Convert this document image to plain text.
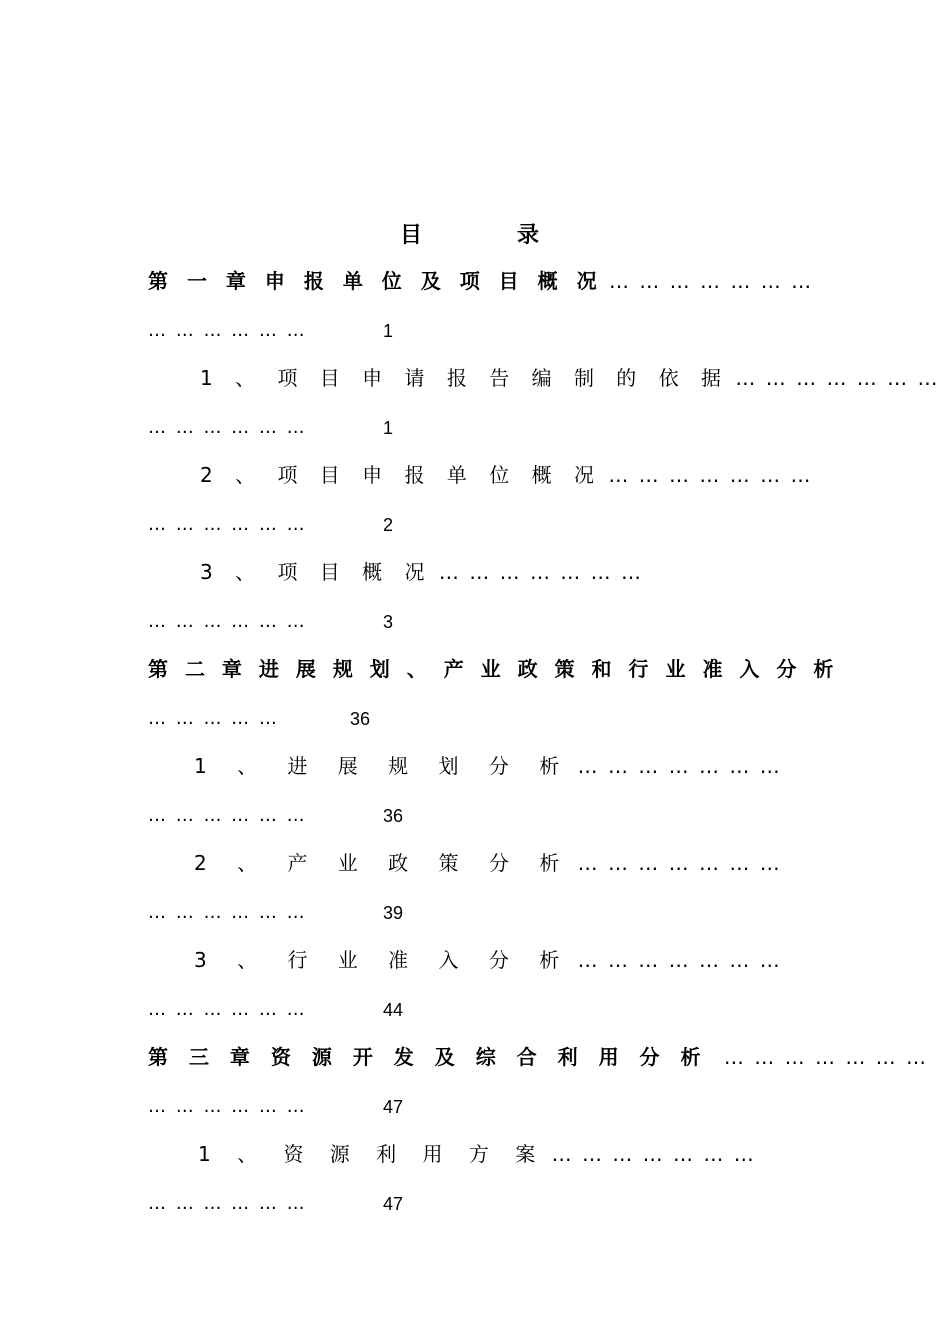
目	录
第 一 章 申 报 单 位 及 项 目 概 况 … … … … … … …
… … … … … …	1
1 、 项 目 申 请 报 告 编 制 的 依 据 … … … … … … …
… … … … … …	1
2 、 项 目 申 报 单 位 概 况 … … … … … … …
… … … … … …	2
3 、 项 目 概 况 … … … … … … …
… … … … … …	3
第 二 章 进 展 规 划 、 产 业 政 策 和 行 业 准 入 分 析
… … … … …	36
1 、 进 展 规 划 分 析 … … … … … … …
… … … … … …	36
2 、 产 业 政 策 分 析 … … … … … … …
… … … … … …	39
3 、 行 业 准 入 分 析 … … … … … … …
… … … … … …	44
第 三 章 资 源 开 发 及 综 合 利 用 分 析 … … … … … … …
… … … … … …	47
1 、 资 源 利 用 方 案 … … … … … … …
… … … … … …	47
